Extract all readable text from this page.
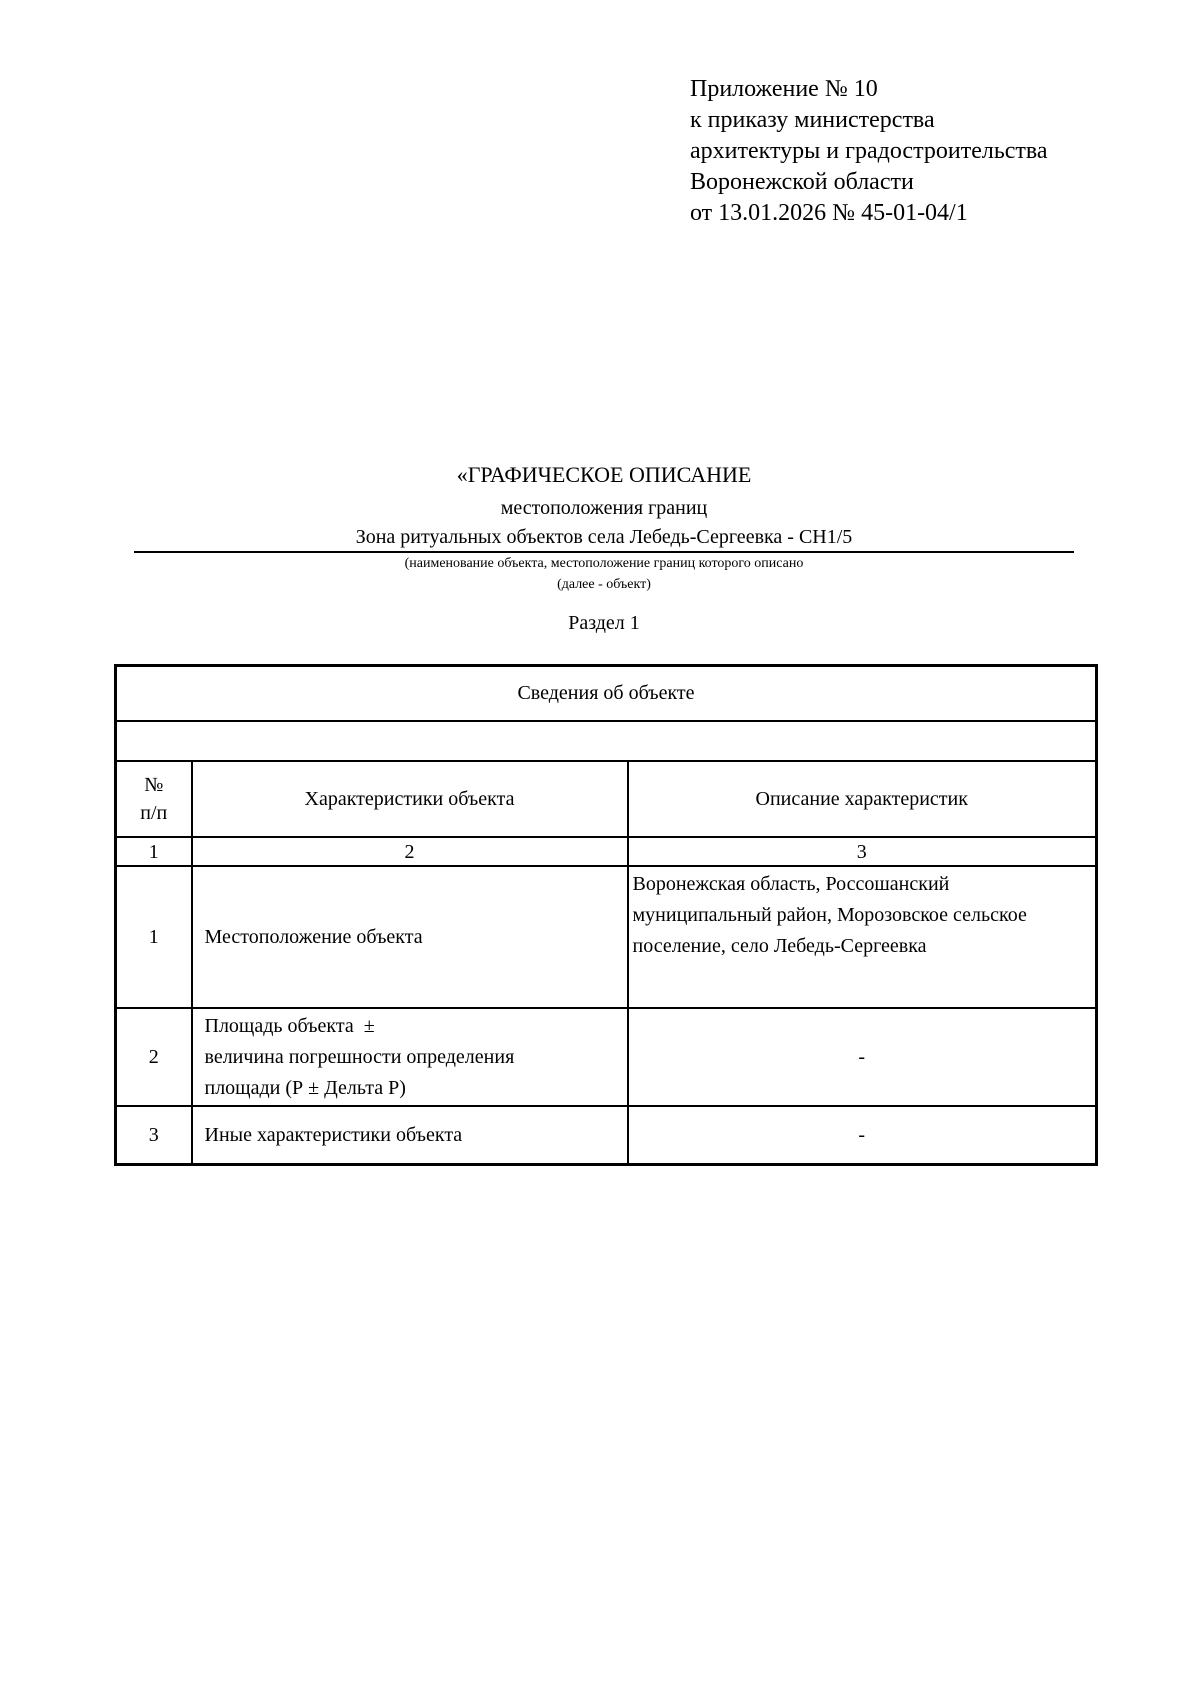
Приложение № 10
к приказу министерства
архитектуры и градостроительства
Воронежской области
от 13.01.2026 № 45-01-04/1
«ГРАФИЧЕСКОЕ ОПИСАНИЕ
местоположения границ
Зона ритуальных объектов села Лебедь-Сергеевка - СН1/5
(наименование объекта, местоположение границ которого описано
(далее - объект)
Раздел 1
Сведения об объекте		

№
п/п	Характеристики объекта	Описание характеристик
1	2	3
1	Местоположение объекта	Воронежская область, Россошанский муниципальный район, Морозовское сельское поселение, село Лебедь-Сергеевка
2	Площадь объекта  ±
величина погрешности определения
площади (Р ± Дельта Р)	-
3	Иные характеристики объекта	-
